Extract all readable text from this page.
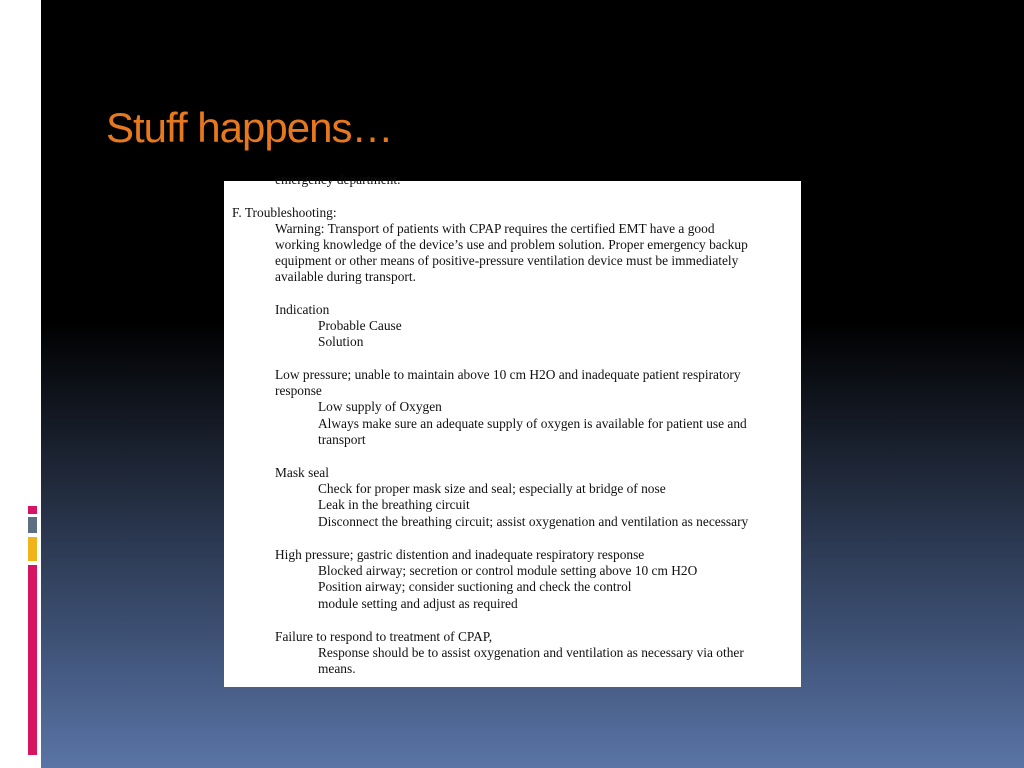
Stuff happens…
emergency department.
F. Troubleshooting:
Warning: Transport of patients with CPAP requires the certified EMT have a good
working knowledge of the device’s use and problem solution. Proper emergency backup
equipment or other means of positive-pressure ventilation device must be immediately
available during transport.
Indication
Probable Cause
Solution
Low pressure; unable to maintain above 10 cm H2O and inadequate patient respiratory
response
Low supply of Oxygen
Always make sure an adequate supply of oxygen is available for patient use and
transport
Mask seal
Check for proper mask size and seal; especially at bridge of nose
Leak in the breathing circuit
Disconnect the breathing circuit; assist oxygenation and ventilation as necessary
High pressure; gastric distention and inadequate respiratory response
Blocked airway; secretion or control module setting above 10 cm H2O
Position airway; consider suctioning and check the control
module setting and adjust as required
Failure to respond to treatment of CPAP,
Response should be to assist oxygenation and ventilation as necessary via other
means.
